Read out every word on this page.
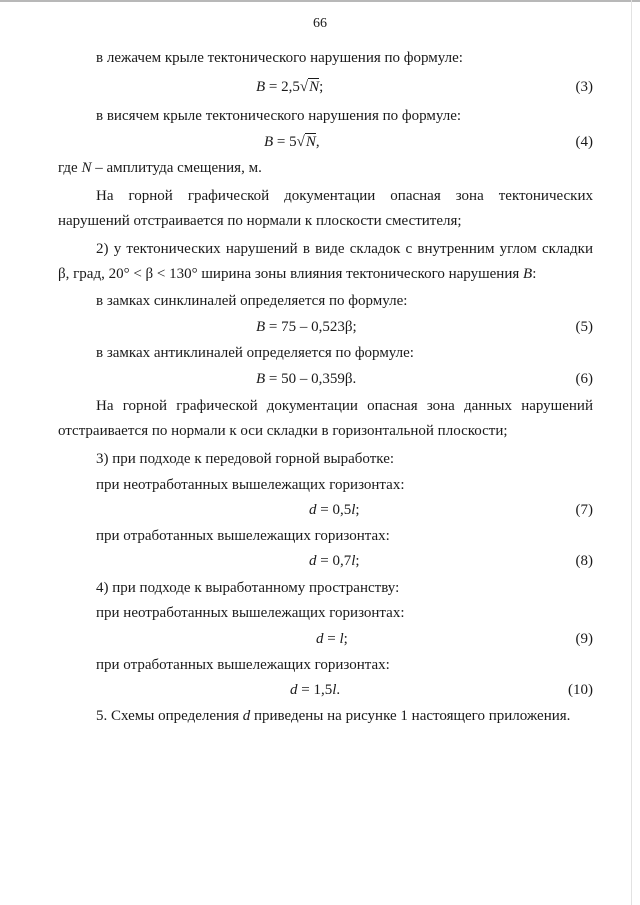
66
в лежачем крыле тектонического нарушения по формуле:
B = 2,5√N;	(3)
в висячем крыле тектонического нарушения по формуле:
B = 5√N,	(4)
где N – амплитуда смещения, м.
На горной графической документации опасная зона тектонических
нарушений отстраивается по нормали к плоскости сместителя;
2) у тектонических нарушений в виде складок с внутренним углом складки
β, град, 20° < β < 130° ширина зоны влияния тектонического нарушения B:
в замках синклиналей определяется по формуле:
B = 75 – 0,523β;	(5)
в замках антиклиналей определяется по формуле:
B = 50 – 0,359β.	(6)
На горной графической документации опасная зона данных нарушений
отстраивается по нормали к оси складки в горизонтальной плоскости;
3) при подходе к передовой горной выработке:
при неотработанных вышележащих горизонтах:
d = 0,5l;	(7)
при отработанных вышележащих горизонтах:
d = 0,7l;	(8)
4) при подходе к выработанному пространству:
при неотработанных вышележащих горизонтах:
d = l;	(9)
при отработанных вышележащих горизонтах:
d = 1,5l.	(10)
5. Схемы определения d приведены на рисунке 1 настоящего приложения.
